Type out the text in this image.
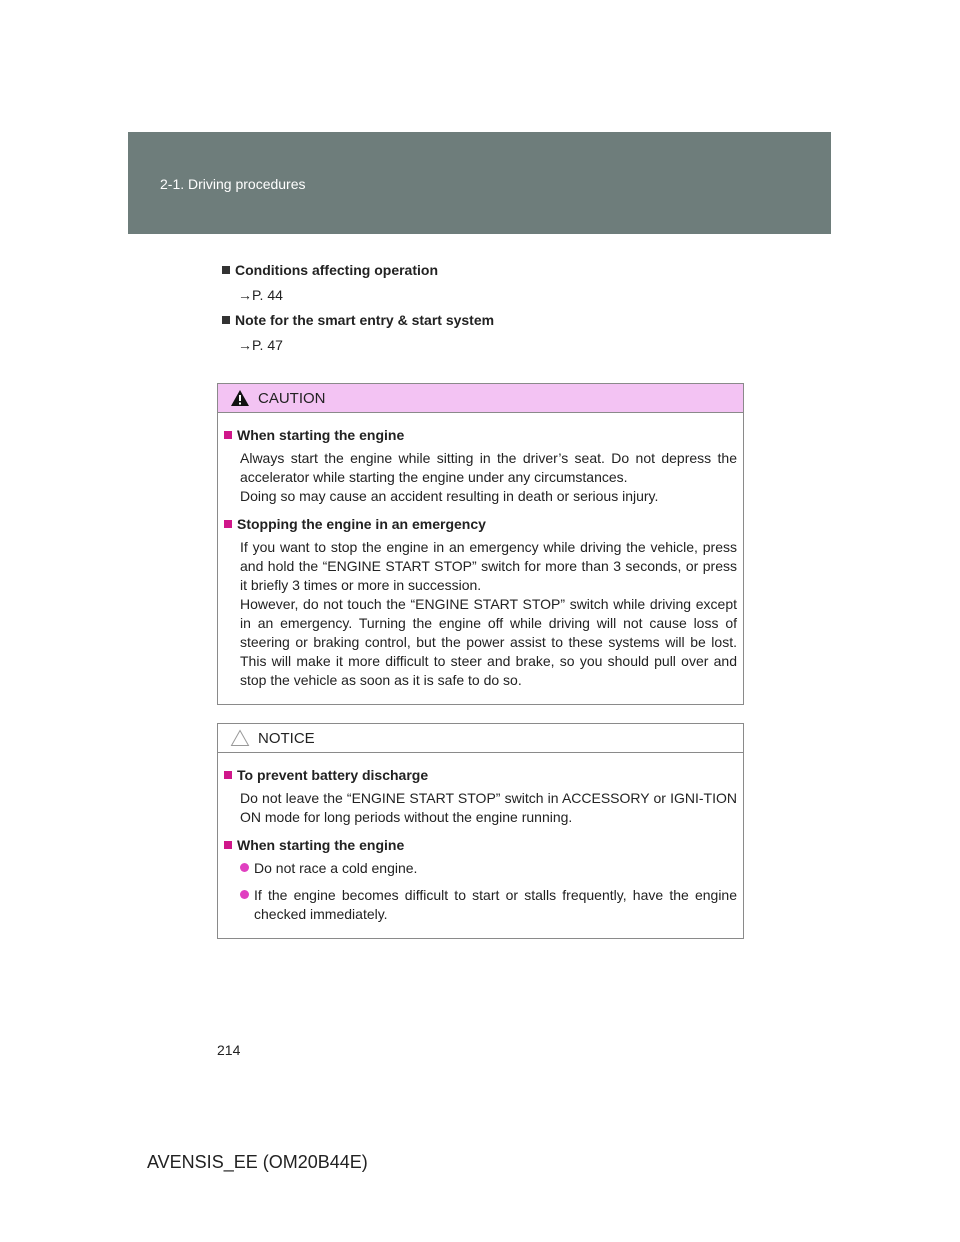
2-1. Driving procedures
Conditions affecting operation
→P. 44
Note for the smart entry & start system
→P. 47
CAUTION
When starting the engine

Always start the engine while sitting in the driver’s seat. Do not depress the accelerator while starting the engine under any circumstances.

Doing so may cause an accident resulting in death or serious injury.

Stopping the engine in an emergency

If you want to stop the engine in an emergency while driving the vehicle, press and hold the “ENGINE START STOP” switch for more than 3 seconds, or press it briefly 3 times or more in succession.

However, do not touch the “ENGINE START STOP” switch while driving except in an emergency. Turning the engine off while driving will not cause loss of steering or braking control, but the power assist to these systems will be lost. This will make it more difficult to steer and brake, so you should pull over and stop the vehicle as soon as it is safe to do so.

NOTICE
To prevent battery discharge

Do not leave the “ENGINE START STOP” switch in ACCESSORY or IGNI-TION ON mode for long periods without the engine running.

When starting the engine
Do not race a cold engine.
If the engine becomes difficult to start or stalls frequently, have the engine checked immediately.
214
AVENSIS_EE (OM20B44E)
